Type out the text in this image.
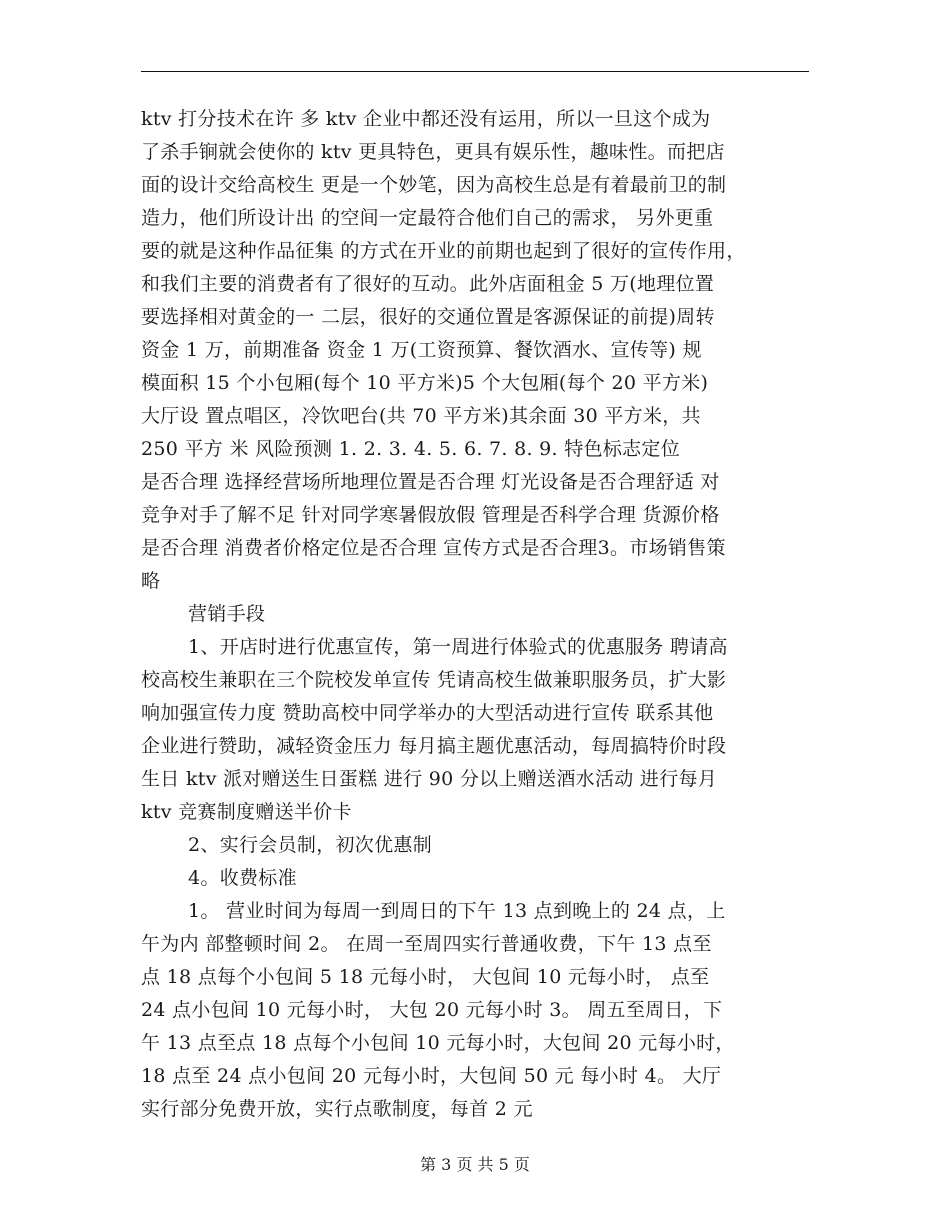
ktv 打分技术在许 多 ktv 企业中都还没有运用，所以一旦这个成为
了杀手锏就会使你的 ktv 更具特色，更具有娱乐性，趣味性。而把店
面的设计交给高校生 更是一个妙笔，因为高校生总是有着最前卫的制
造力，他们所设计出 的空间一定最符合他们自己的需求， 另外更重
要的就是这种作品征集 的方式在开业的前期也起到了很好的宣传作用，
和我们主要的消费者有了很好的互动。此外店面租金 5 万(地理位置
要选择相对黄金的一 二层，很好的交通位置是客源保证的前提)周转
资金 1 万，前期准备 资金 1 万(工资预算、餐饮酒水、宣传等) 规
模面积 15 个小包厢(每个 10 平方米)5 个大包厢(每个 20 平方米)
大厅设 置点唱区，冷饮吧台(共 70 平方米)其余面 30 平方米，共
250 平方 米 风险预测 1. 2. 3. 4. 5. 6. 7. 8. 9. 特色标志定位
是否合理 选择经营场所地理位置是否合理 灯光设备是否合理舒适 对
竞争对手了解不足 针对同学寒暑假放假 管理是否科学合理 货源价格
是否合理 消费者价格定位是否合理 宣传方式是否合理3。市场销售策
略
营销手段
1、开店时进行优惠宣传，第一周进行体验式的优惠服务 聘请高
校高校生兼职在三个院校发单宣传 凭请高校生做兼职服务员，扩大影
响加强宣传力度 赞助高校中同学举办的大型活动进行宣传 联系其他
企业进行赞助，减轻资金压力 每月搞主题优惠活动，每周搞特价时段
生日 ktv 派对赠送生日蛋糕 进行 90 分以上赠送酒水活动 进行每月
ktv 竞赛制度赠送半价卡
2、实行会员制，初次优惠制
4。收费标准
1。 营业时间为每周一到周日的下午 13 点到晚上的 24 点，上
午为内 部整顿时间 2。 在周一至周四实行普通收费，下午 13 点至
点 18 点每个小包间 5 18 元每小时， 大包间 10 元每小时， 点至
24 点小包间 10 元每小时， 大包 20 元每小时 3。 周五至周日，下
午 13 点至点 18 点每个小包间 10 元每小时，大包间 20 元每小时，
18 点至 24 点小包间 20 元每小时，大包间 50 元 每小时 4。 大厅
实行部分免费开放，实行点歌制度，每首 2 元
第 3 页 共 5 页
